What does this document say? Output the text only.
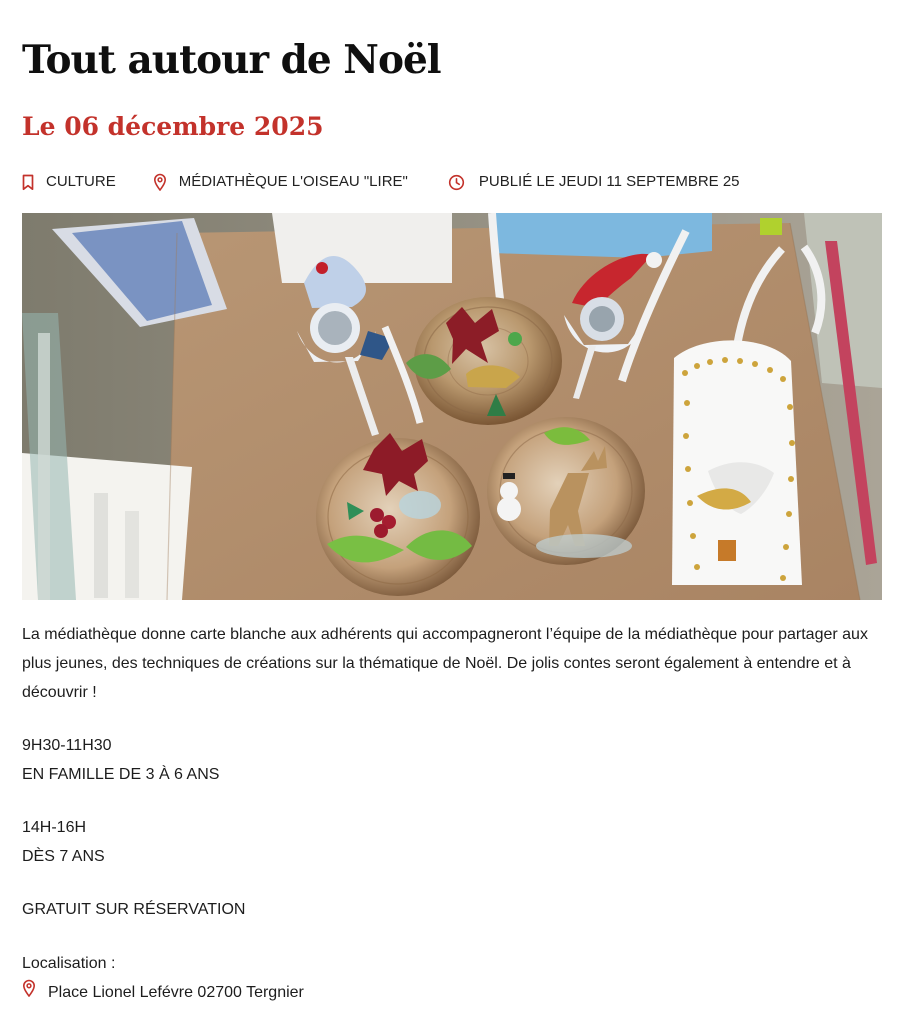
Tout autour de Noël
Le 06 décembre 2025
CULTURE	MÉDIATHÈQUE L'OISEAU "LIRE"	PUBLIÉ LE JEUDI 11 SEPTEMBRE 25

La médiathèque donne carte blanche aux adhérents qui accompagneront l’équipe de la médiathèque pour partager aux plus jeunes, des techniques de créations sur la thématique de Noël. De jolis contes seront également à entendre et à découvrir !

9H30-11H30

EN FAMILLE DE 3 À 6 ANS

14H-16H

DÈS 7 ANS

GRATUIT SUR RÉSERVATION

Localisation :

Place Lionel Lefévre 02700 Tergnier
